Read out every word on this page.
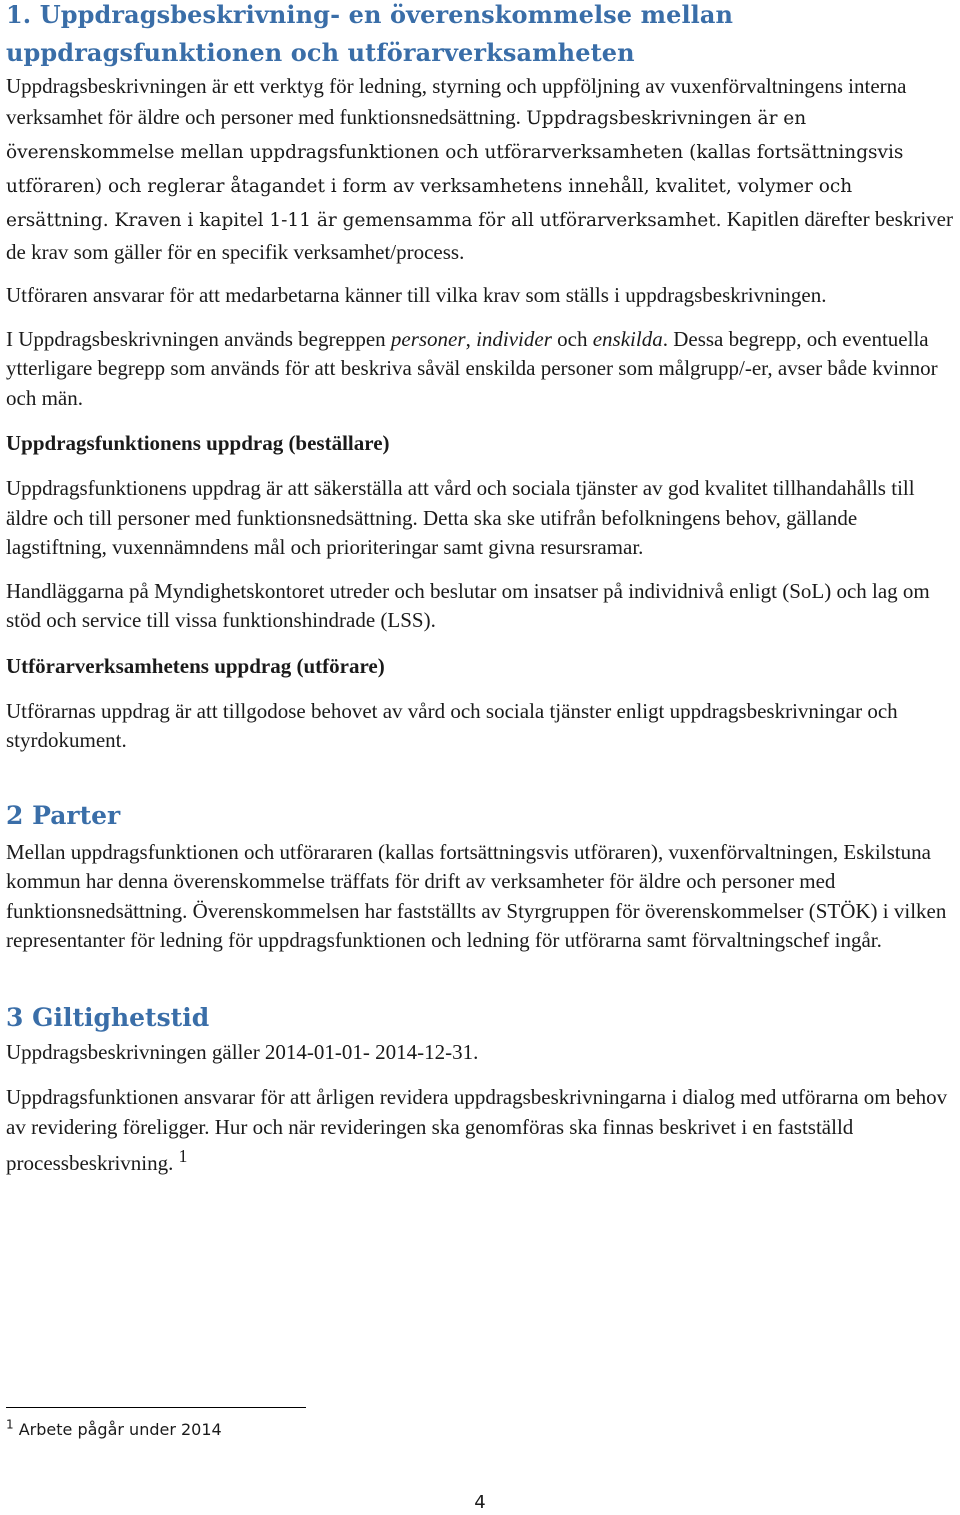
1. Uppdragsbeskrivning- en överenskommelse mellan
uppdragsfunktionen och utförarverksamheten

Uppdragsbeskrivningen är ett verktyg för ledning, styrning och uppföljning av vuxenförvaltningens interna verksamhet för äldre och personer med funktionsnedsättning. Uppdragsbeskrivningen är en överenskommelse mellan uppdragsfunktionen och utförarverksamheten (kallas fortsättningsvis utföraren) och reglerar åtagandet i form av verksamhetens innehåll, kvalitet, volymer och ersättning. Kraven i kapitel 1-11 är gemensamma för all utförarverksamhet. Kapitlen därefter beskriver de krav som gäller för en specifik verksamhet/process.

Utföraren ansvarar för att medarbetarna känner till vilka krav som ställs i uppdragsbeskrivningen.

I Uppdragsbeskrivningen används begreppen personer, individer och enskilda. Dessa begrepp, och eventuella ytterligare begrepp som används för att beskriva såväl enskilda personer som målgrupp/-er, avser både kvinnor och män.

Uppdragsfunktionens uppdrag (beställare)

Uppdragsfunktionens uppdrag är att säkerställa att vård och sociala tjänster av god kvalitet tillhandahålls till äldre och till personer med funktionsnedsättning. Detta ska ske utifrån befolkningens behov, gällande lagstiftning, vuxennämndens mål och prioriteringar samt givna resursramar.

Handläggarna på Myndighetskontoret utreder och beslutar om insatser på individnivå enligt (SoL) och lag om stöd och service till vissa funktionshindrade (LSS).

Utförarverksamhetens uppdrag (utförare)

Utförarnas uppdrag är att tillgodose behovet av vård och sociala tjänster enligt uppdragsbeskrivningar och styrdokument.

2 Parter

Mellan uppdragsfunktionen och utförararen (kallas fortsättningsvis utföraren), vuxenförvaltningen, Eskilstuna kommun har denna överenskommelse träffats för drift av verksamheter för äldre och personer med funktionsnedsättning. Överenskommelsen har fastställts av Styrgruppen för överenskommelser (STÖK) i vilken representanter för ledning för uppdragsfunktionen och ledning för utförarna samt förvaltningschef ingår.

3 Giltighetstid

Uppdragsbeskrivningen gäller 2014-01-01- 2014-12-31.

Uppdragsfunktionen ansvarar för att årligen revidera uppdragsbeskrivningarna i dialog med utförarna om behov av revidering föreligger. Hur och när revideringen ska genomföras ska finnas beskrivet i en fastställd processbeskrivning. $^1$

$^1$ Arbete pågår under 2014
4
